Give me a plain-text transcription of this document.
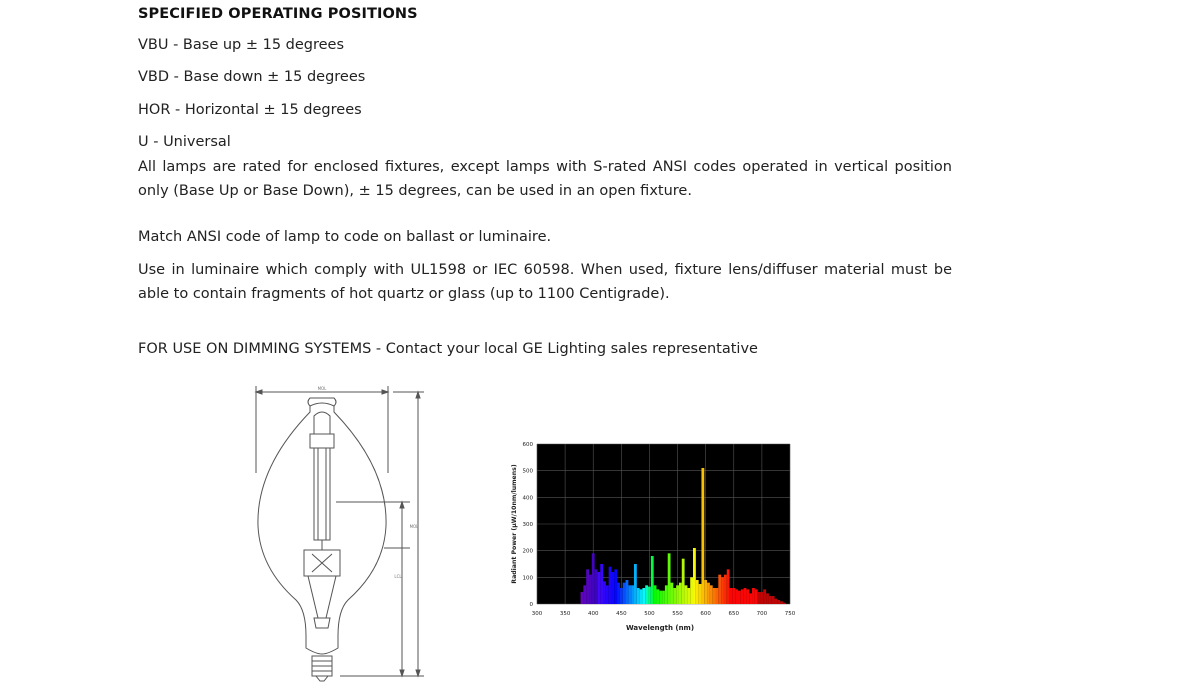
SPECIFIED OPERATING POSITIONS
VBU - Base up ± 15 degrees
VBD - Base down ± 15 degrees
HOR - Horizontal ± 15 degrees
U - Universal
All lamps are rated for enclosed fixtures, except lamps with S-rated ANSI codes operated in vertical position only (Base Up or Base Down), ± 15 degrees, can be used in an open fixture.
Match ANSI code of lamp to code on ballast or luminaire.
Use in luminaire which comply with UL1598 or IEC 60598. When used, fixture lens/diffuser material must be able to contain fragments of hot quartz or glass (up to 1100 Centigrade).
FOR USE ON DIMMING SYSTEMS - Contact your local GE Lighting sales representative
MOL
MOL
LCL
0
100
200
300
400
500
600
300	350	400	450	500	550	600	650	700	750
Wavelength (nm)
Radiant Power (μW/10nm/lumens)
